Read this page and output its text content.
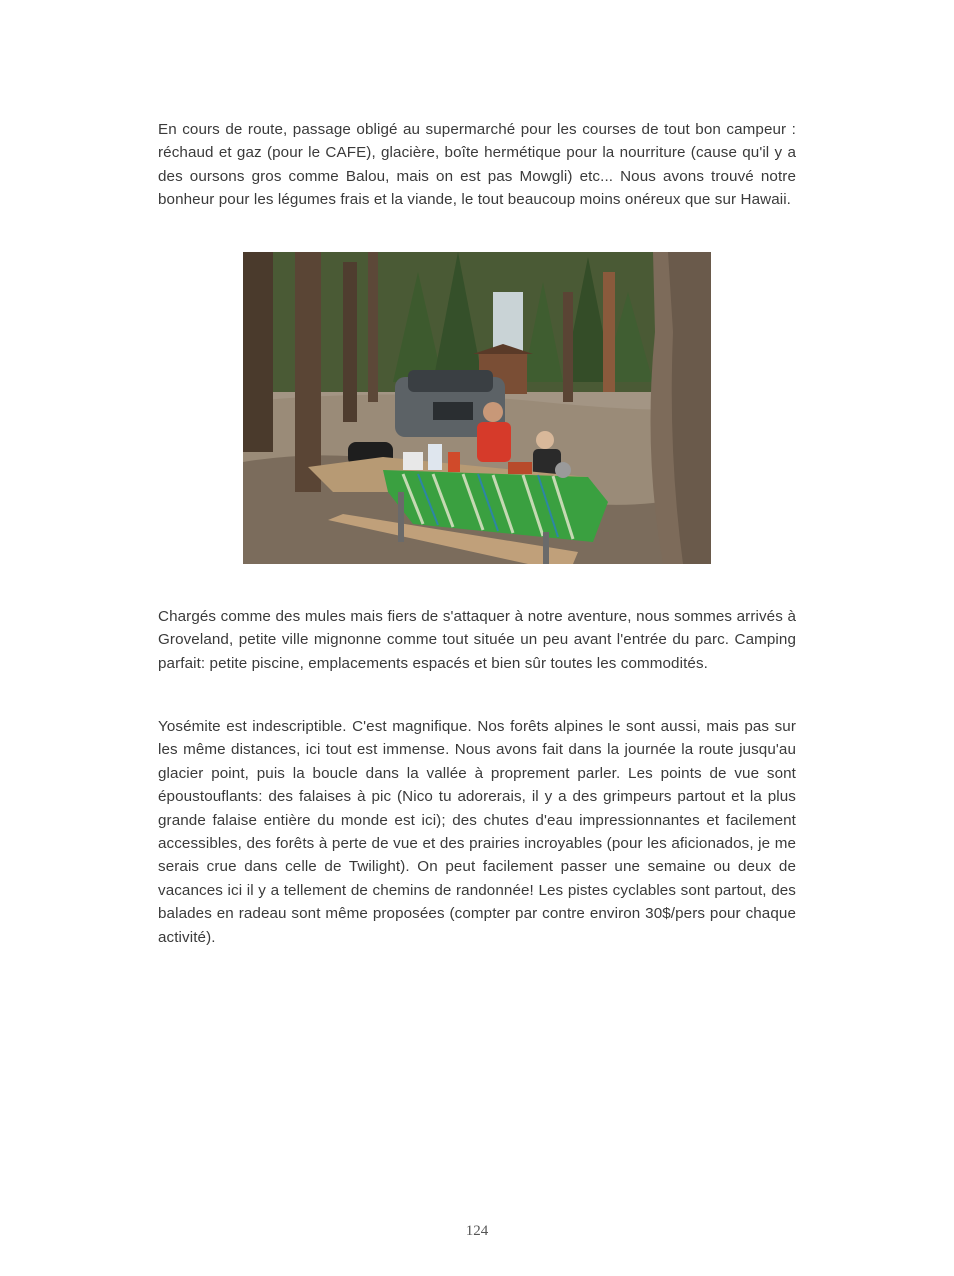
En cours de route, passage obligé au supermarché pour les courses de tout bon campeur : réchaud et gaz (pour le CAFE), glacière, boîte hermétique pour la nourriture (cause qu'il y a des oursons gros comme Balou, mais on est pas Mowgli) etc... Nous avons trouvé notre bonheur pour les légumes frais et la viande, le tout beaucoup moins onéreux que sur Hawaii.

Chargés comme des mules mais fiers de s'attaquer à notre aventure, nous sommes arrivés à Groveland, petite ville mignonne comme tout située un peu avant l'entrée du parc. Camping parfait: petite piscine, emplacements espacés et bien sûr toutes les commodités.

Yosémite est indescriptible. C'est magnifique. Nos forêts alpines le sont aussi, mais pas sur les même distances, ici tout est immense. Nous avons fait dans la journée la route jusqu'au glacier point, puis la boucle dans la vallée à proprement parler. Les points de vue sont époustouflants: des falaises à pic (Nico tu adorerais, il y a des grimpeurs partout et la plus grande falaise entière du monde est ici); des chutes d'eau impressionnantes et facilement accessibles, des forêts à perte de vue et des prairies incroyables (pour les aficionados, je me serais crue dans celle de Twilight). On peut facilement passer une semaine ou deux de vacances ici il y a tellement de chemins de randonnée! Les pistes cyclables sont partout, des balades en radeau sont même proposées (compter par contre environ 30$/pers pour chaque activité).

124
